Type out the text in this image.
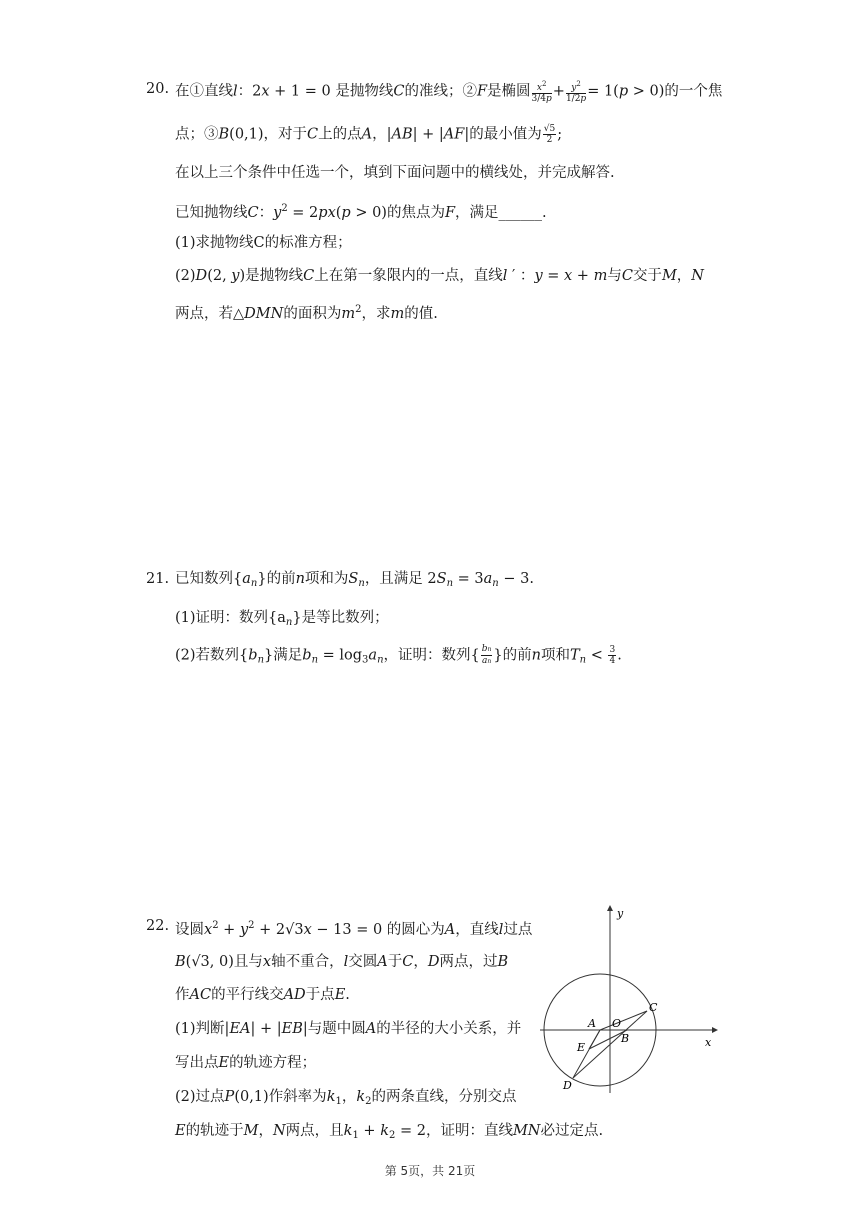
20. 在①直线l：2x + 1 = 0 是抛物线C的准线；②F是椭圆 $\frac{x^2}{3/4p} + \frac{y^2}{1/2p} = 1(p > 0)$的一个焦
点；③B(0,1)，对于C上的点A，|AB| + |AF|的最小值为 $\frac{√5}{2}$ ;
在以上三个条件中任选一个，填到下面问题中的横线处，并完成解答.
已知抛物线C：$y^2 = 2px(p > 0)$的焦点为F，满足______.
(1)求抛物线C的标准方程；
(2)D(2, y)是抛物线C上在第一象限内的一点，直线l ′ ：y = x + m与C交于M，N
两点，若△DMN的面积为$m^2$，求m的值.
21. 已知数列$\{a_n\}$的前n项和为$S_n$，且满足 $2S_n = 3a_n - 3$.
(1)证明：数列$\{a_n\}$是等比数列；
(2)若数列$\{b_n\}$满足$b_n = \log_3a_n$，证明：数列{ $\frac{bn}{an}$ }的前n项和$T_n < \frac{3}{4}$ .
22. 设圆$x^2 + y^2 + 2√3x - 13 = 0$ 的圆心为A，直线l过点
B(√3, 0)且与x轴不重合，l交圆A于C，D两点，过B
作AC的平行线交AD于点E.
(1)判断|EA| + |EB|与题中圆A的半径的大小关系，并
写出点E的轨迹方程；
(2)过点P(0,1)作斜率为$k_1$，$k_2$的两条直线，分别交点
E的轨迹于M，N两点，且$k_1 + k_2 = 2$，证明：直线MN必过定点.
x
y
A O
B
C
D
E
第 5页，共 21页
